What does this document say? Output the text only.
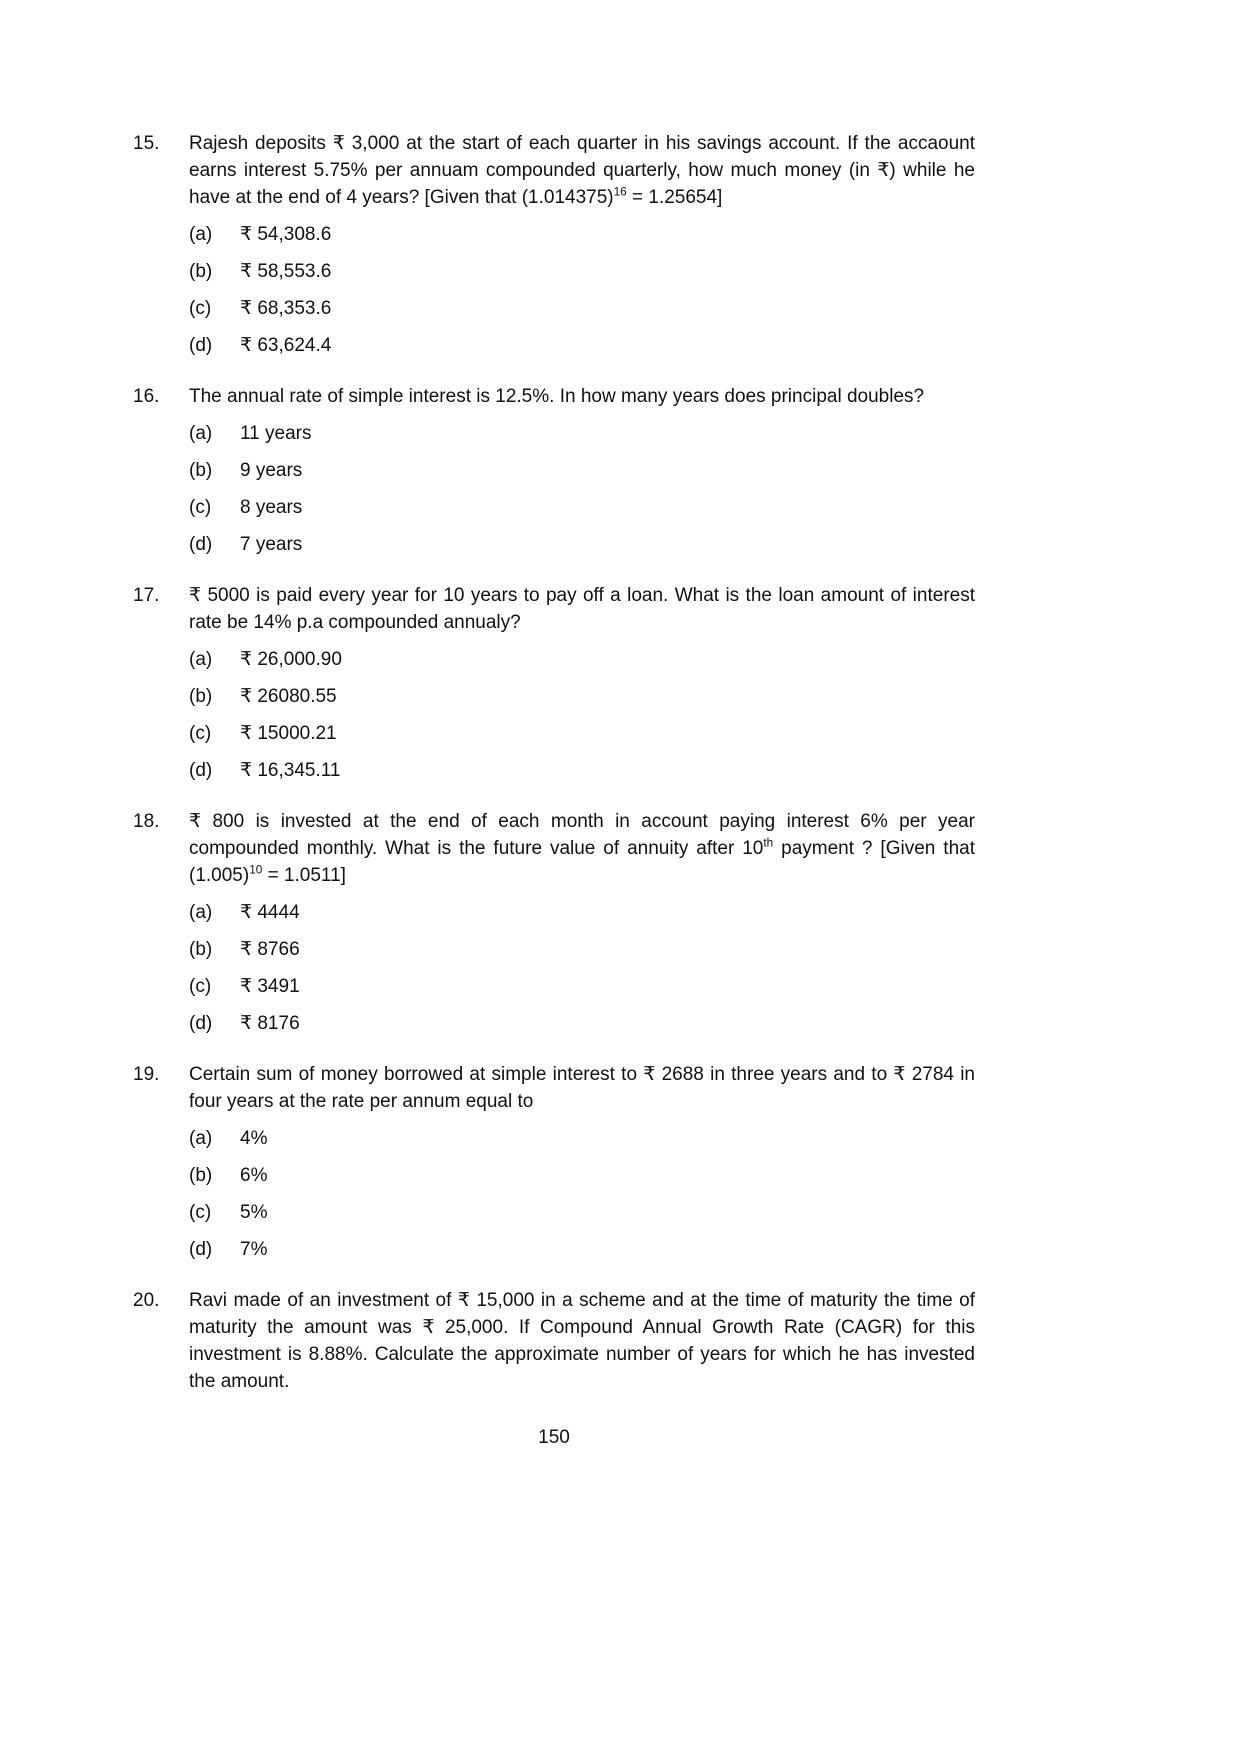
15.	Rajesh deposits ₹ 3,000 at the start of each quarter in his savings account. If the accaount earns interest 5.75% per annuam compounded quarterly, how much money (in ₹) while he have at the end of 4 years? [Given that $(1.014375)^{16} = 1.25654$]
(a)	₹ 54,308.6
(b)	₹ 58,553.6
(c)	₹ 68,353.6
(d)	₹ 63,624.4
16.	The annual rate of simple interest is 12.5%. In how many years does principal doubles?
(a)	11 years
(b)	9 years
(c)	8 years
(d)	7 years
17.	₹ 5000 is paid every year for 10 years to pay off a loan. What is the loan amount of interest rate be 14% p.a compounded annualy?
(a)	₹ 26,000.90
(b)	₹ 26080.55
(c)	₹ 15000.21
(d)	₹ 16,345.11
18.	₹ 800 is invested at the end of each month in account paying interest 6% per year compounded monthly. What is the future value of annuity after 10th payment ? [Given that $(1.005)^{10} = 1.0511$]
(a)	₹ 4444
(b)	₹ 8766
(c)	₹ 3491
(d)	₹ 8176
19.	Certain sum of money borrowed at simple interest to ₹ 2688 in three years and to ₹ 2784 in four years at the rate per annum equal to
(a)	4%
(b)	6%
(c)	5%
(d)	7%
20.	Ravi made of an investment of ₹ 15,000 in a scheme and at the time of maturity the time of maturity the amount was ₹ 25,000. If Compound Annual Growth Rate (CAGR) for this investment is 8.88%. Calculate the approximate number of years for which he has invested the amount.
150
